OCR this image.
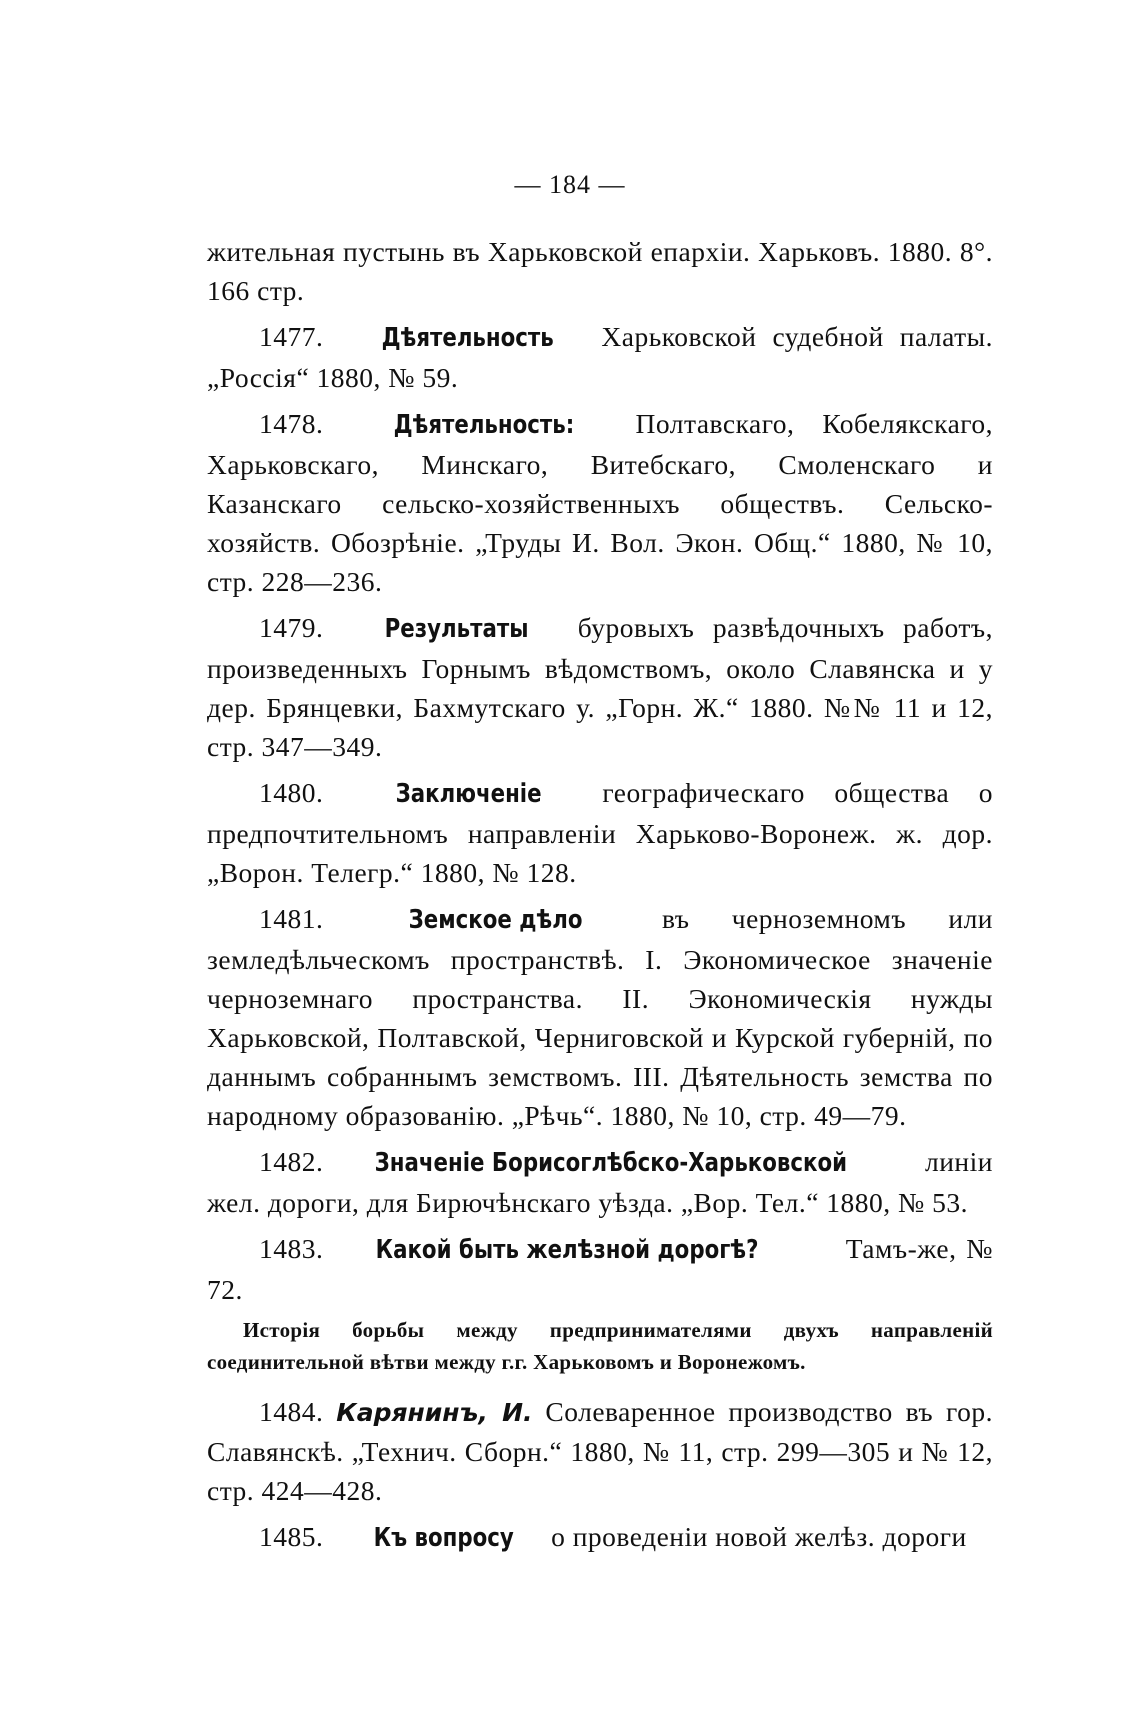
— 184 —

жительная пустынь въ Харьковской епархіи. Харьковъ. 1880. 8°. 166 стр.

1477. Дѣятельность Харьковской судебной палаты. „Россія“ 1880, № 59.

1478.	Дѣятельность: Полтавскаго, Кобелякскаго, Харьковскаго, Минскаго, Витебскаго, Смоленскаго и Казанскаго сельско-хозяйственныхъ обществъ. Сельско-хозяйств. Обозрѣніе. „Труды И. Вол. Экон. Общ.“ 1880, № 10, стр. 228—236.

1479. Результаты буровыхъ развѣдочныхъ работъ, произведенныхъ Горнымъ вѣдомствомъ, около Славянска и у дер. Брянцевки, Бахмутскаго у. „Горн. Ж.“ 1880. №№ 11 и 12, стр. 347—349.

1480.	Заключеніе географическаго общества о предпочтительномъ направленіи Харьково-Воронеж. ж. дор. „Ворон. Телегр.“ 1880, № 128.

1481.	Земское дѣло въ черноземномъ или земледѣльческомъ пространствѣ. I. Экономическое значеніе черноземнаго пространства. II. Экономическія нужды Харьковской, Полтавской, Черниговской и Курской губерній, по даннымъ собраннымъ земствомъ. III. Дѣятельность земства по народному образованію. „Рѣчь“. 1880, № 10, стр. 49—79.

1482. Значеніе Борисоглѣбско-Харьковской	линіи жел. дороги, для Бирючѣнскаго уѣзда. „Вор. Тел.“ 1880, № 53.

1483. Какой быть желѣзной дорогѣ?	Тамъ-же, № 72.

Исторія борьбы между предпринимателями двухъ направленій соединительной вѣтви между г.г. Харьковомъ и Воронежомъ.

1484. Карянинъ, И. Солеваренное производство въ гор. Славянскѣ. „Технич. Сборн.“ 1880, № 11, стр. 299—305 и № 12, стр. 424—428.

1485. Къ вопросу о проведеніи новой желѣз. дороги
